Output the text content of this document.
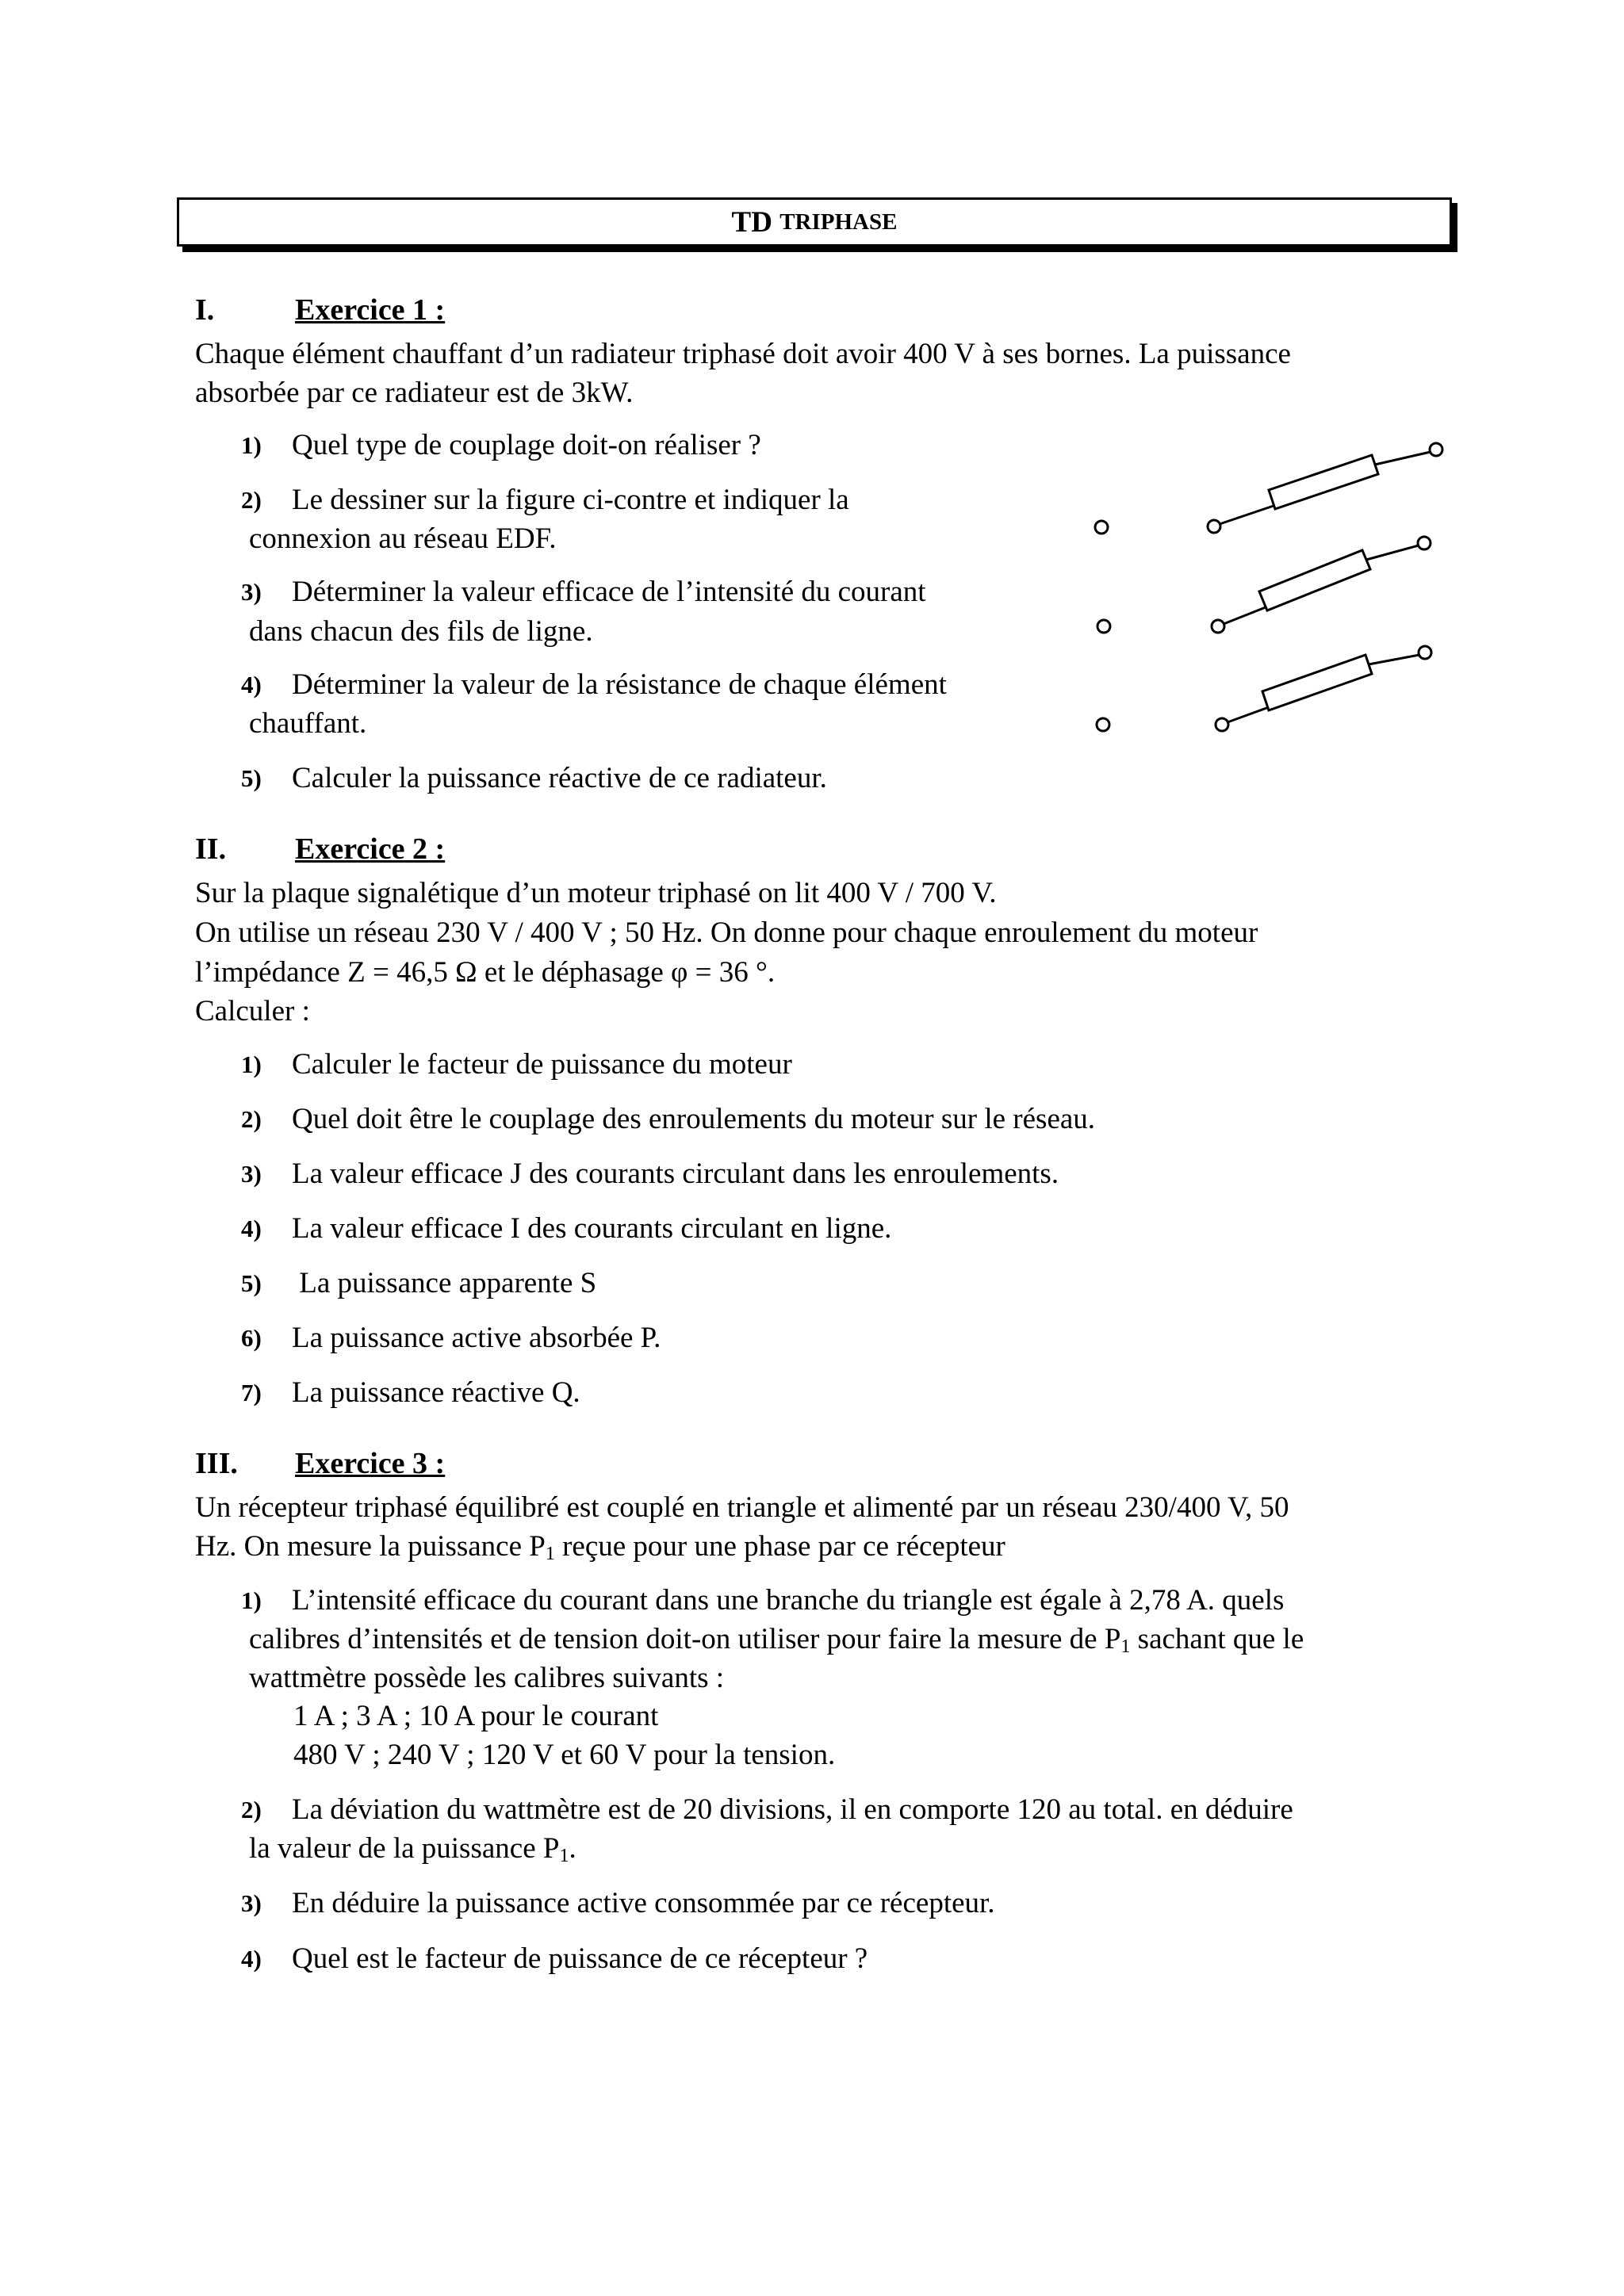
TD
TRIPHASE
I.	Exercice 1 :
Chaque élément chauffant d’un radiateur triphasé doit avoir 400 V à ses bornes. La puissance
absorbée par ce radiateur est de 3kW.
1) Quel type de couplage doit-on réaliser ?
2) Le dessiner sur la figure ci-contre et indiquer la
connexion au réseau EDF.
3) Déterminer la valeur efficace de l’intensité du courant
dans chacun des fils de ligne.
4) Déterminer la valeur de la résistance de chaque élément
chauffant.
5) Calculer la puissance réactive de ce radiateur.
II. Exercice 2 :
Sur la plaque signalétique d’un moteur triphasé on lit 400 V / 700 V.
On utilise un réseau 230 V / 400 V ; 50 Hz. On donne pour chaque enroulement du moteur
l’impédance Z = 46,5 Ω et le déphasage φ = 36 °.
Calculer :
1) Calculer le facteur de puissance du moteur
2) Quel doit être le couplage des enroulements du moteur sur le réseau.
3) La valeur efficace J des courants circulant dans les enroulements.
4) La valeur efficace I des courants circulant en ligne.
5) La puissance apparente S
6) La puissance active absorbée P.
7) La puissance réactive Q.
III. Exercice 3 :
Un récepteur triphasé équilibré est couplé en triangle et alimenté par un réseau 230/400 V, 50
Hz. On mesure la puissance $P_1$ reçue pour une phase par ce récepteur
1) L’intensité efficace du courant dans une branche du triangle est égale à 2,78 A. quels
calibres d’intensités et de tension doit-on utiliser pour faire la mesure de $P_1$ sachant que le
wattmètre possède les calibres suivants :
1 A ; 3 A ; 10 A pour le courant
480 V ; 240 V ; 120 V et 60 V pour la tension.
2) La déviation du wattmètre est de 20 divisions, il en comporte 120 au total. en déduire
la valeur de la puissance $P_1$.
3) En déduire la puissance active consommée par ce récepteur.
4) Quel est le facteur de puissance de ce récepteur ?
